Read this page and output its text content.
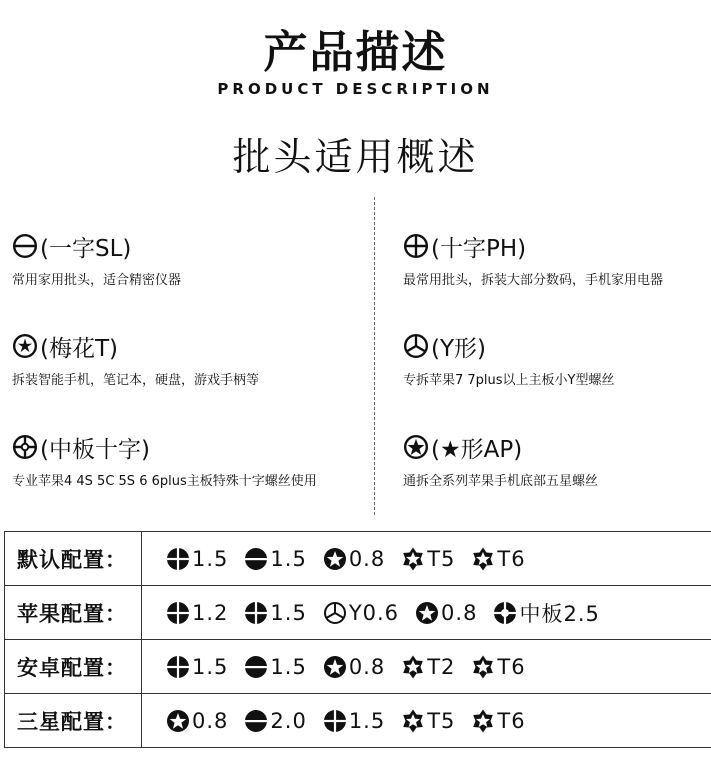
产品描述
PRODUCT DESCRIPTION
批头适用概述
(一字SL)
常用家用批头，适合精密仪器
(梅花T)
拆装智能手机，笔记本，硬盘，游戏手柄等
(中板十字)
专业苹果4 4S 5C 5S 6 6plus主板特殊十字螺丝使用
(十字PH)
最常用批头，拆装大部分数码，手机家用电器
(Y形)
专拆苹果7 7plus以上主板小Y型螺丝
(★形AP)
通拆全系列苹果手机底部五星螺丝
默认配置：	1.5 1.5 0.8 T5 T6
苹果配置：	1.2 1.5 Y0.6 0.8 中板2.5
安卓配置：	1.5 1.5 0.8 T2 T6
三星配置：	0.8 2.0 1.5 T5 T6
